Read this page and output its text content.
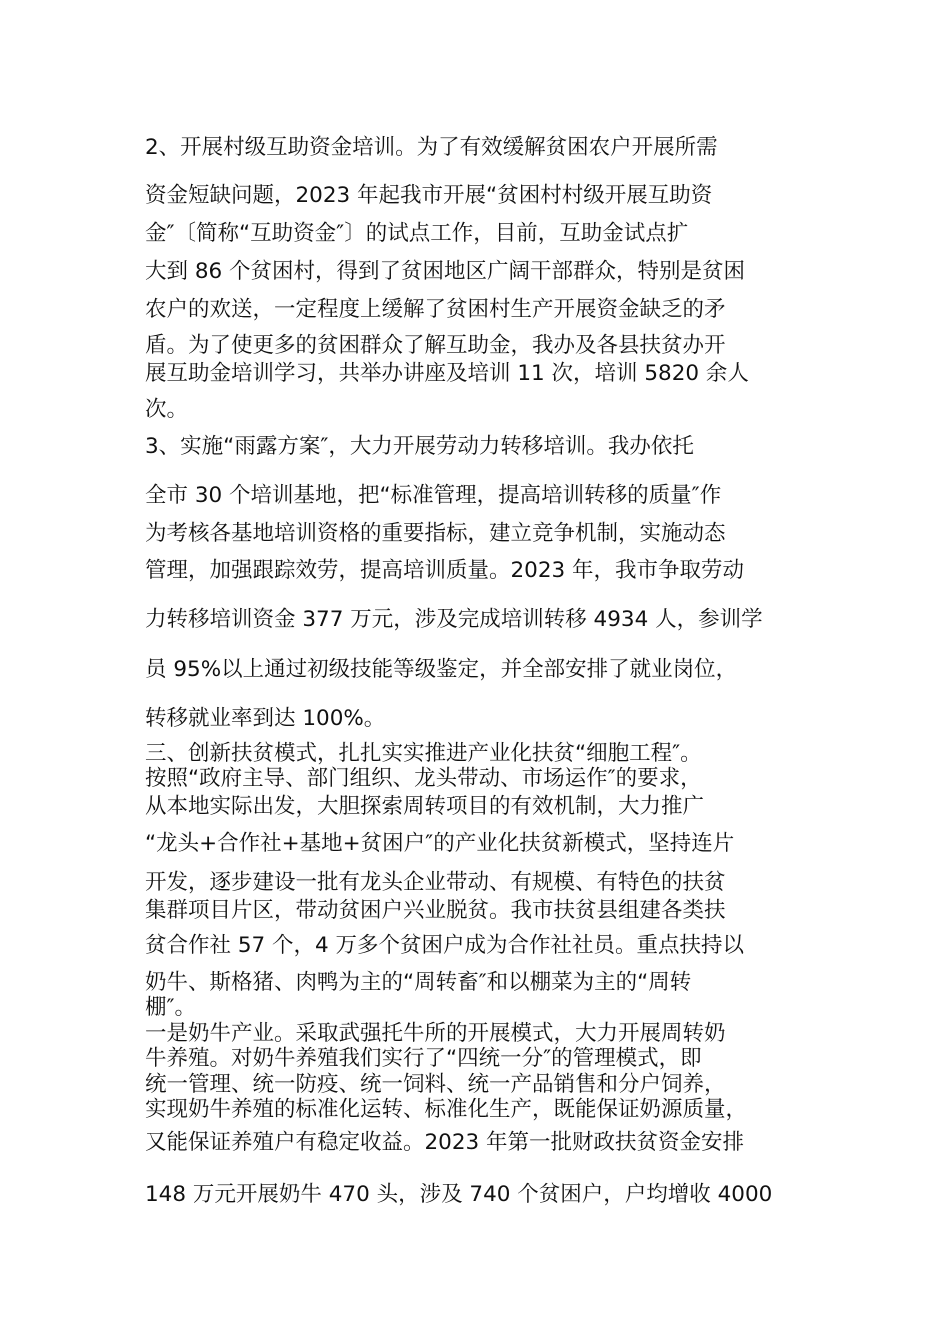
2、开展村级互助资金培训。为了有效缓解贫困农户开展所需
资金短缺问题，2023 年起我市开展“贫困村村级开展互助资
金″〔简称“互助资金″〕的试点工作，目前，互助金试点扩
大到 86 个贫困村，得到了贫困地区广阔干部群众，特别是贫困
农户的欢送，一定程度上缓解了贫困村生产开展资金缺乏的矛
盾。为了使更多的贫困群众了解互助金，我办及各县扶贫办开
展互助金培训学习，共举办讲座及培训 11 次，培训 5820 余人
次。
3、实施“雨露方案″，大力开展劳动力转移培训。我办依托
全市 30 个培训基地，把“标准管理，提高培训转移的质量″作
为考核各基地培训资格的重要指标，建立竞争机制，实施动态
管理，加强跟踪效劳，提高培训质量。2023 年，我市争取劳动
力转移培训资金 377 万元，涉及完成培训转移 4934 人，参训学
员 95%以上通过初级技能等级鉴定，并全部安排了就业岗位，
转移就业率到达 100%。
三、创新扶贫模式，扎扎实实推进产业化扶贫“细胞工程″。
按照“政府主导、部门组织、龙头带动、市场运作″的要求，
从本地实际出发，大胆探索周转项目的有效机制，大力推广
“龙头+合作社+基地+贫困户″的产业化扶贫新模式，坚持连片
开发，逐步建设一批有龙头企业带动、有规模、有特色的扶贫
集群项目片区，带动贫困户兴业脱贫。我市扶贫县组建各类扶
贫合作社 57 个，4 万多个贫困户成为合作社社员。重点扶持以
奶牛、斯格猪、肉鸭为主的“周转畜″和以棚菜为主的“周转
棚″。
一是奶牛产业。采取武强托牛所的开展模式，大力开展周转奶
牛养殖。对奶牛养殖我们实行了“四统一分″的管理模式，即
统一管理、统一防疫、统一饲料、统一产品销售和分户饲养，
实现奶牛养殖的标准化运转、标准化生产，既能保证奶源质量，
又能保证养殖户有稳定收益。2023 年第一批财政扶贫资金安排
148 万元开展奶牛 470 头，涉及 740 个贫困户，户均增收 4000
